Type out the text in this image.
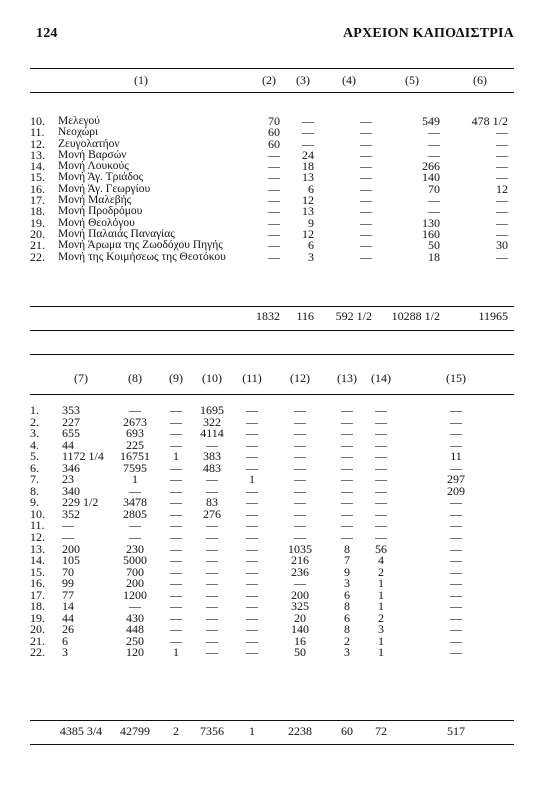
124	ΑΡΧΕΙΟΝ ΚΑΠΟΔΙΣΤΡΙΑ
(1)	(2)	(3)	(4)	(5)	(6)
10.	Μελεγού	70	—	—	549	478 1/2
11.	Νεοχώρι	60	—	—	—	—
12.	Ζευγολατήον	60	—	—	—	—
13.	Μονή Βαρσών	—	24	—	—	—
14.	Μονή Λουκούς	—	18	—	266	—
15.	Μονή Άγ. Τριάδος	—	13	—	140	—
16.	Μονή Άγ. Γεωργίου	—	6	—	70	12
17.	Μονή Μαλεβής	—	12	—	—	—
18.	Μονή Προδρόμου	—	13	—	—	—
19.	Μονή Θεολόγου	—	9	—	130	—
20.	Μονή Παλαιάς Παναγίας	—	12	—	160	—
21.	Μονή Άρωμα της Ζωοδόχου Πηγής	—	6	—	50	30
22.	Μονή της Κοιμήσεως της Θεοτόκου	—	3	—	18	—
		1832	116	592 1/2	10288 1/2	11965
	(7)	(8)	(9)	(10)	(11)	(12)	(13)	(14)	(15)
1.	353	—	—	1695	—	—	—	—	—
2.	227	2673	—	322	—	—	—	—	—
3.	655	693	—	4114	—	—	—	—	—
4.	44	225	—	—	—	—	—	—	—
5.	1172 1/4	16751	1	383	—	—	—	—	11
6.	346	7595	—	483	—	—	—	—	—
7.	23	1	—	—	1	—	—	—	297
8.	340	—	—	—	—	—	—	—	209
9.	229 1/2	3478	—	83	—	—	—	—	—
10.	352	2805	—	276	—	—	—	—	—
11.	—	—	—	—	—	—	—	—	—
12.	—	—	—	—	—	—	—	—	—
13.	200	230	—	—	—	1035	8	56	—
14.	105	5000	—	—	—	216	7	4	—
15.	70	700	—	—	—	236	9	2	—
16.	99	200	—	—	—	—	3	1	—
17.	77	1200	—	—	—	200	6	1	—
18.	14	—	—	—	—	325	8	1	—
19.	44	430	—	—	—	20	6	2	—
20.	26	448	—	—	—	140	8	3	—
21.	6	250	—	—	—	16	2	1	—
22.	3	120	1	—	—	50	3	1	—
	4385 3/4	42799	2	7356	1	2238	60	72	517
